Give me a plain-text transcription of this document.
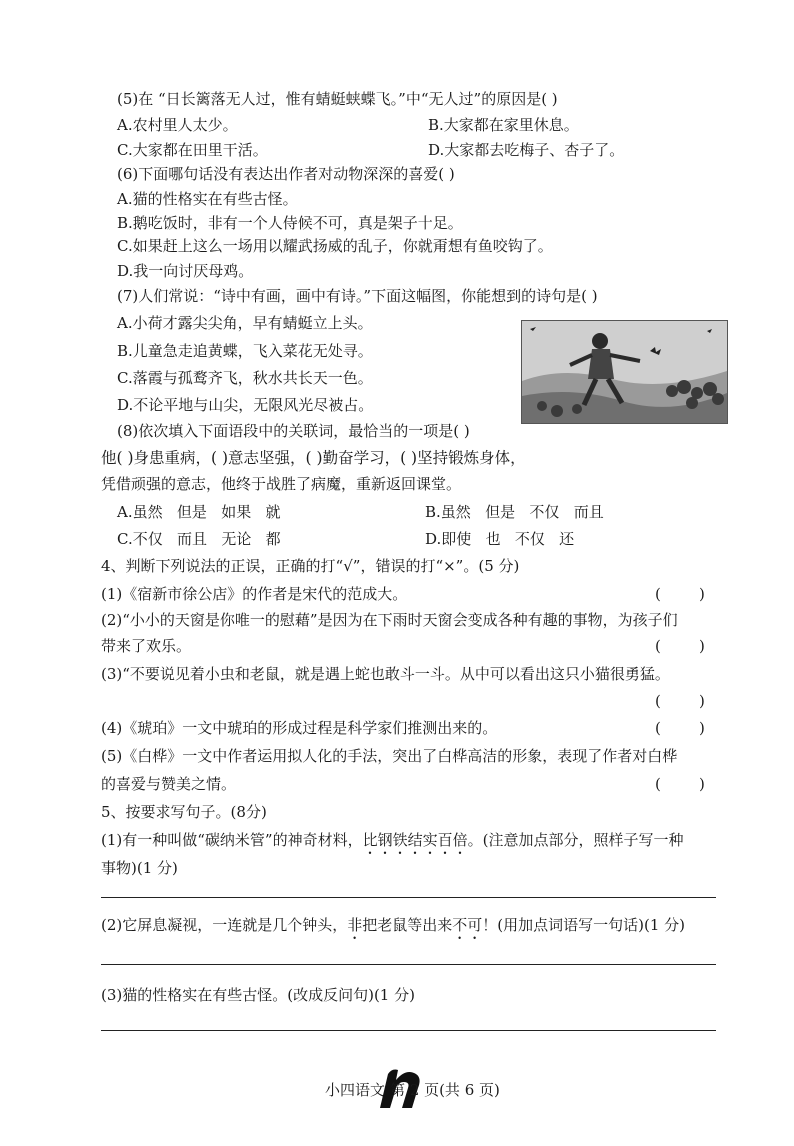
(5)在 “日长篱落无人过，惟有蜻蜓蛱蝶飞。”中“无人过”的原因是( )
A.农村里人太少。	B.大家都在家里休息。
C.大家都在田里干活。	D.大家都去吃梅子、杏子了。
(6)下面哪句话没有表达出作者对动物深深的喜爱( )
A.猫的性格实在有些古怪。
B.鹅吃饭时，非有一个人侍候不可，真是架子十足。
C.如果赶上这么一场用以耀武扬威的乱子，你就甭想有鱼咬钩了。
D.我一向讨厌母鸡。
(7)人们常说：“诗中有画，画中有诗。”下面这幅图，你能想到的诗句是( )
A.小荷才露尖尖角，早有蜻蜓立上头。
B.儿童急走追黄蝶，飞入菜花无处寻。
C.落霞与孤鹜齐飞，秋水共长天一色。
D.不论平地与山尖，无限风光尽被占。
(8)依次填入下面语段中的关联词，最恰当的一项是( )
他( )身患重病，( )意志坚强，( )勤奋学习，( )坚持锻炼身体，
凭借顽强的意志，他终于战胜了病魔，重新返回课堂。
A.虽然   但是   如果   就	B.虽然   但是   不仅   而且
C.不仅   而且   无论   都	D.即使   也   不仅   还
4、判断下列说法的正误，正确的打“√”，错误的打“×”。(5 分)
(1)《宿新市徐公店》的作者是宋代的范成大。	(        )
(2)“小小的天窗是你唯一的慰藉”是因为在下雨时天窗会变成各种有趣的事物，为孩子们
带来了欢乐。	(        )
(3)“不要说见着小虫和老鼠，就是遇上蛇也敢斗一斗。从中可以看出这只小猫很勇猛。
(        )
(4)《琥珀》一文中琥珀的形成过程是科学家们推测出来的。	(        )
(5)《白桦》一文中作者运用拟人化的手法，突出了白桦高洁的形象，表现了作者对白桦
的喜爱与赞美之情。	(        )
5、按要求写句子。(8分)
(1)有一种叫做“碳纳米管”的神奇材料，比钢铁结实百倍。(注意加点部分，照样子写一种
事物)(1 分)
(2)它屏息凝视，一连就是几个钟头，非把老鼠等出来不可！(用加点词语写一句话)(1 分)
(3)猫的性格实在有些古怪。(改成反问句)(1 分)
小四语文 第 2 页(共 6 页)
